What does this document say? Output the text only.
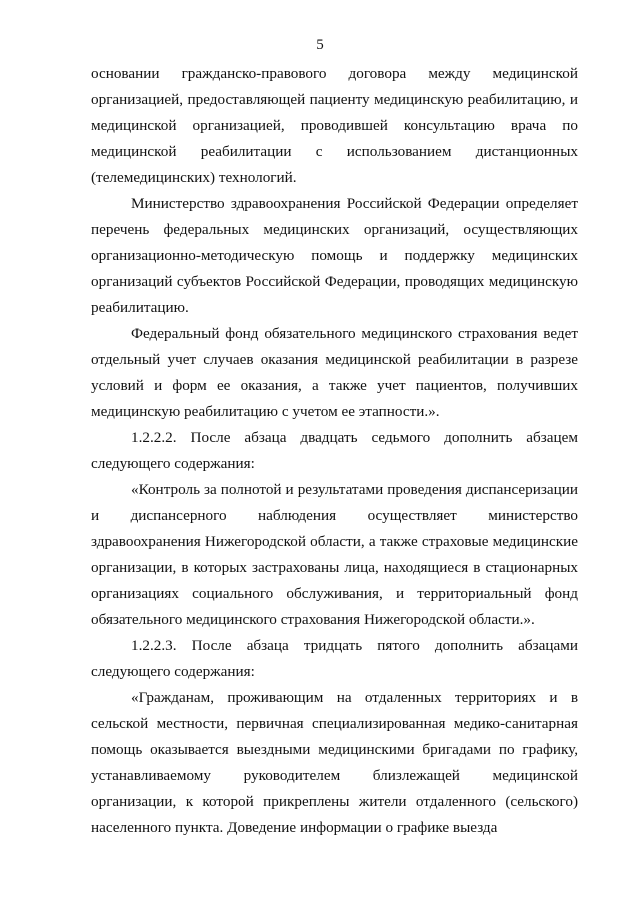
5

основании гражданско-правового договора между медицинской организацией, предоставляющей пациенту медицинскую реабилитацию, и медицинской организацией, проводившей консультацию врача по медицинской реабилитации с использованием дистанционных (телемедицинских) технологий.

Министерство здравоохранения Российской Федерации определяет перечень федеральных медицинских организаций, осуществляющих организационно-методическую помощь и поддержку медицинских организаций субъектов Российской Федерации, проводящих медицинскую реабилитацию.

Федеральный фонд обязательного медицинского страхования ведет отдельный учет случаев оказания медицинской реабилитации в разрезе условий и форм ее оказания, а также учет пациентов, получивших медицинскую реабилитацию с учетом ее этапности.».

1.2.2.2. После абзаца двадцать седьмого дополнить абзацем следующего содержания:

«Контроль за полнотой и результатами проведения диспансеризации и диспансерного наблюдения осуществляет министерство здравоохранения Нижегородской области, а также страховые медицинские организации, в которых застрахованы лица, находящиеся в стационарных организациях социального обслуживания, и территориальный фонд обязательного медицинского страхования Нижегородской области.».

1.2.2.3. После абзаца тридцать пятого дополнить абзацами следующего содержания:

«Гражданам, проживающим на отдаленных территориях и в сельской местности, первичная специализированная медико-санитарная помощь оказывается выездными медицинскими бригадами по графику, устанавливаемому руководителем близлежащей медицинской организации, к которой прикреплены жители отдаленного (сельского) населенного пункта. Доведение информации о графике выезда
